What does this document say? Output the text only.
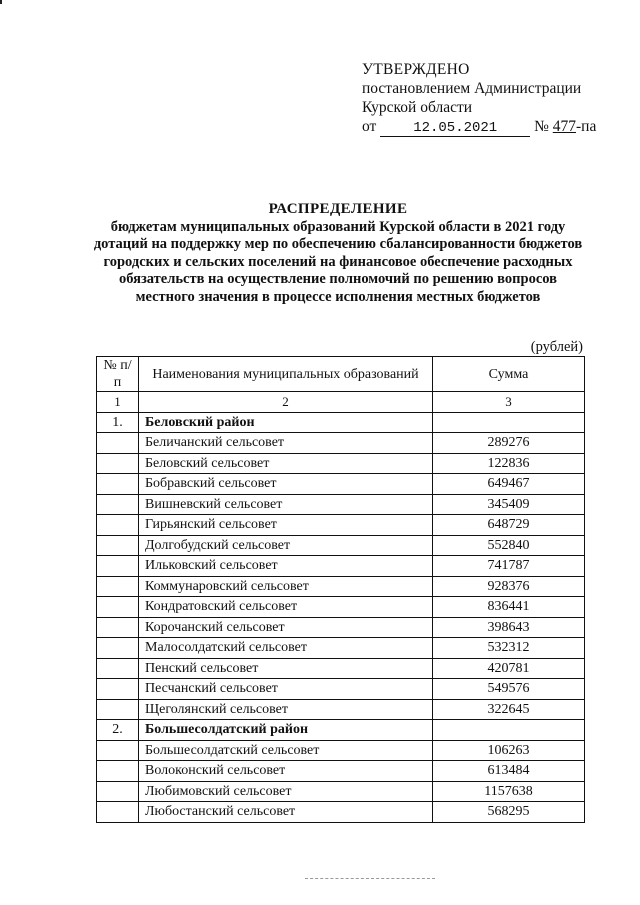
УТВЕРЖДЕНО
постановлением Администрации
Курской области
от	12.05.2021 № 477-па
РАСПРЕДЕЛЕНИЕ
бюджетам муниципальных образований Курской области в 2021 году дотаций на поддержку мер по обеспечению сбалансированности бюджетов городских и сельских поселений на финансовое обеспечение расходных обязательств на осуществление полномочий по решению вопросов местного значения в процессе исполнения местных бюджетов
(рублей)
№ п/п	Наименования муниципальных образований	Сумма
1	2	3
1.	Беловский район	
	Беличанский сельсовет	289276
	Беловский сельсовет	122836
	Бобравский сельсовет	649467
	Вишневский сельсовет	345409
	Гирьянский сельсовет	648729
	Долгобудский сельсовет	552840
	Ильковский сельсовет	741787
	Коммунаровский сельсовет	928376
	Кондратовский сельсовет	836441
	Корочанский сельсовет	398643
	Малосолдатский сельсовет	532312
	Пенский сельсовет	420781
	Песчанский сельсовет	549576
	Щеголянский сельсовет	322645
2.	Большесолдатский район	
	Большесолдатский сельсовет	106263
	Волоконский сельсовет	613484
	Любимовский сельсовет	1157638
	Любостанский сельсовет	568295
